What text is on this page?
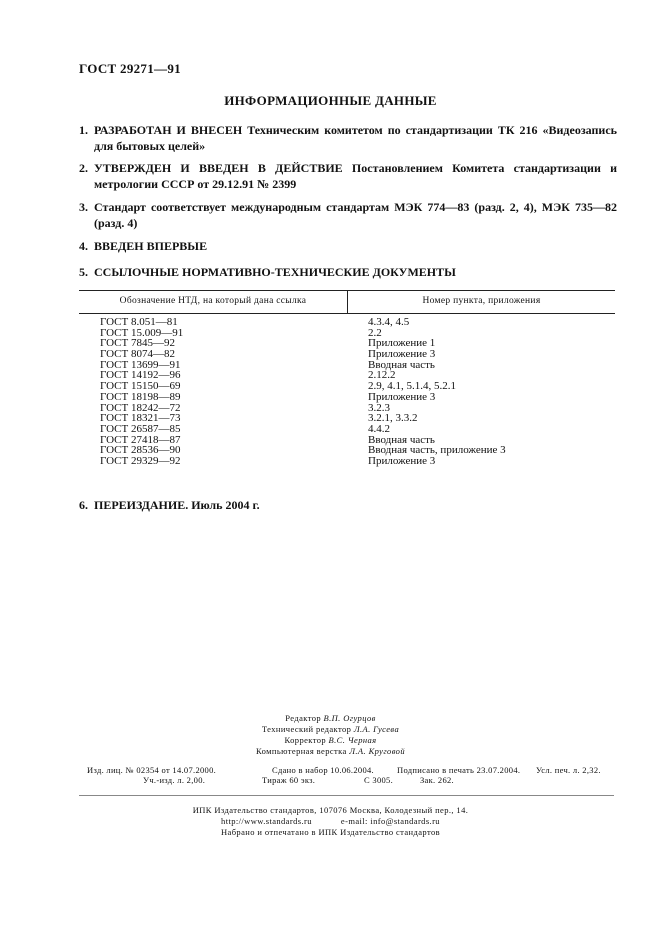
ГОСТ 29271—91
ИНФОРМАЦИОННЫЕ ДАННЫЕ
1. РАЗРАБОТАН И ВНЕСЕН Техническим комитетом по стандартизации ТК 216 «Видеозапись для бытовых целей»
2. УТВЕРЖДЕН И ВВЕДЕН В ДЕЙСТВИЕ Постановлением Комитета стандартизации и метрологии СССР от 29.12.91 № 2399
3. Стандарт соответствует международным стандартам МЭК 774—83 (разд. 2, 4), МЭК 735—82 (разд. 4)
4. ВВЕДЕН ВПЕРВЫЕ
5. ССЫЛОЧНЫЕ НОРМАТИВНО-ТЕХНИЧЕСКИЕ ДОКУМЕНТЫ
Обозначение НТД, на который дана ссылка	Номер пункта, приложения
ГОСТ 8.051—81	4.3.4, 4.5
ГОСТ 15.009—91	2.2
ГОСТ 7845—92	Приложение 1
ГОСТ 8074—82	Приложение 3
ГОСТ 13699—91	Вводная часть
ГОСТ 14192—96	2.12.2
ГОСТ 15150—69	2.9, 4.1, 5.1.4, 5.2.1
ГОСТ 18198—89	Приложение 3
ГОСТ 18242—72	3.2.3
ГОСТ 18321—73	3.2.1, 3.3.2
ГОСТ 26587—85	4.4.2
ГОСТ 27418—87	Вводная часть
ГОСТ 28536—90	Вводная часть, приложение 3
ГОСТ 29329—92	Приложение 3
6. ПЕРЕИЗДАНИЕ. Июль 2004 г.
Редактор В.П. Огурцов
Технический редактор Л.А. Гусева
Корректор В.С. Черная
Компьютерная верстка Л.А. Круговой
Изд. лиц. № 02354 от 14.07.2000.	Сдано в набор 10.06.2004.	Подписано в печать 23.07.2004. Усл. печ. л. 2,32.
Уч.-изд. л. 2,00.	Тираж 60 экз.	С 3005.	Зак. 262.
ИПК Издательство стандартов, 107076 Москва, Колодезный пер., 14.
http://www.standards.ru	e-mail: info@standards.ru
Набрано и отпечатано в ИПК Издательство стандартов
